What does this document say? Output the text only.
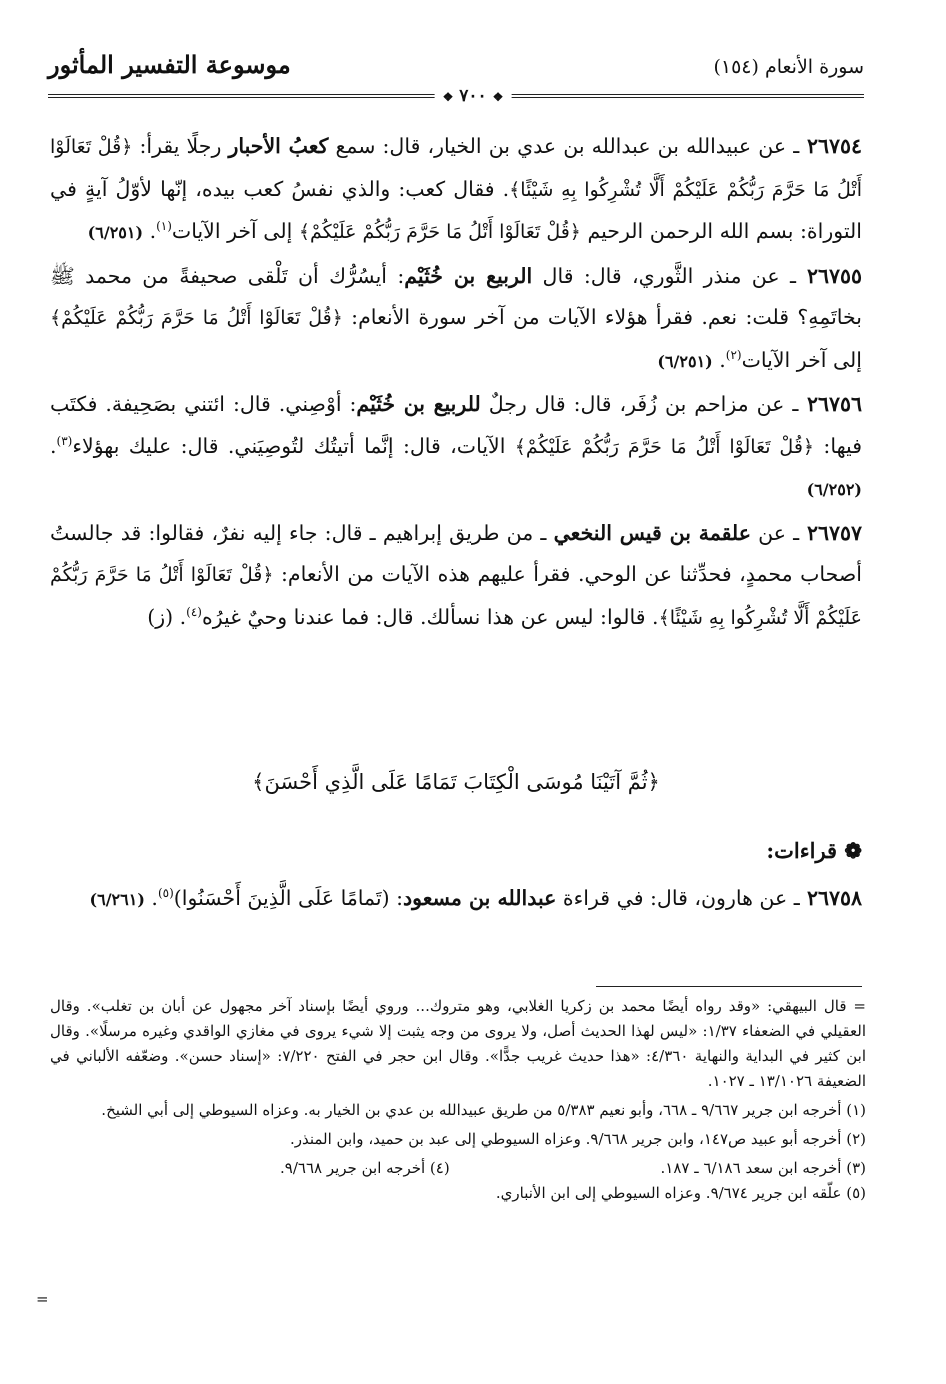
موسوعة التفسير المأثور	سورة الأنعام (١٥٤)
❖ ٧٠٠ ❖

٢٦٧٥٤ ـ عن عبيدالله بن عبدالله بن عدي بن الخيار، قال: سمع كعبُ الأحبار رجلًا يقرأ: ﴿قُلْ تَعَالَوْا أَتْلُ مَا حَرَّمَ رَبُّكُمْ عَلَيْكُمْ أَلَّا تُشْرِكُوا بِهِ شَيْئًا﴾. فقال كعب: والذي نفسُ كعب بيده، إنّها لأوّلُ آيةٍ في التوراة: بسم الله الرحمن الرحيم ﴿قُلْ تَعَالَوْا أَتْلُ مَا حَرَّمَ رَبُّكُمْ عَلَيْكُمْ﴾ إلى آخر الآيات$^{(١)}$. (٦/٢٥١)

٢٦٧٥٥ ـ عن منذر الثَّوري، قال: قال الربيع بن خُثَيْم: أيسُرُّك أن تَلْقى صحيفةً من محمد ﷺ بخاتَمِهِ؟ قلت: نعم. فقرأ هؤلاء الآيات من آخر سورة الأنعام: ﴿قُلْ تَعَالَوْا أَتْلُ مَا حَرَّمَ رَبُّكُمْ عَلَيْكُمْ﴾ إلى آخر الآيات$^{(٢)}$. (٦/٢٥١)

٢٦٧٥٦ ـ عن مزاحم بن زُفَر، قال: قال رجلٌ للربيع بن خُثَيْم: أوْصِني. قال: ائتني بصَحِيفة. فكتَب فيها: ﴿قُلْ تَعَالَوْا أَتْلُ مَا حَرَّمَ رَبُّكُمْ عَلَيْكُمْ﴾ الآيات، قال: إنَّما أتيتُك لتُوصِيَني. قال: عليك بهؤلاء$^{(٣)}$. (٦/٢٥٢)

٢٦٧٥٧ ـ عن علقمة بن قيس النخعي ـ من طريق إبراهيم ـ قال: جاء إليه نفرٌ، فقالوا: قد جالستُ أصحاب محمدٍ، فحدِّثنا عن الوحي. فقرأ عليهم هذه الآيات من الأنعام: ﴿قُلْ تَعَالَوْا أَتْلُ مَا حَرَّمَ رَبُّكُمْ عَلَيْكُمْ أَلَّا تُشْرِكُوا بِهِ شَيْئًا﴾. قالوا: ليس عن هذا نسألك. قال: فما عندنا وحيٌ غيرُه$^{(٤)}$. (ز)

﴿ثُمَّ آتَيْنَا مُوسَى الْكِتَابَ تَمَامًا عَلَى الَّذِي أَحْسَنَ﴾
❁ قراءات:

٢٦٧٥٨ ـ عن هارون، قال: في قراءة عبدالله بن مسعود: (تَمامًا عَلَى الَّذِينَ أَحْسَنُوا)$^{(٥)}$. (٦/٢٦١)

= قال البيهقي: «وقد رواه أيضًا محمد بن زكريا الغلابي، وهو متروك... وروي أيضًا بإسناد آخر مجهول عن أبان بن تغلب». وقال العقيلي في الضعفاء ١/٣٧: «ليس لهذا الحديث أصل، ولا يروى من وجه يثبت إلا شيء يروى في مغازي الواقدي وغيره مرسلًا». وقال ابن كثير في البداية والنهاية ٤/٣٦٠: «هذا حديث غريب جدًّا». وقال ابن حجر في الفتح ٧/٢٢٠: «إسناد حسن». وضعّفه الألباني في الضعيفة ١٣/١٠٢٦ ـ ١٠٢٧.

(١) أخرجه ابن جرير ٩/٦٦٧ ـ ٦٦٨، وأبو نعيم ٥/٣٨٣ من طريق عبيدالله بن عدي بن الخيار به. وعزاه السيوطي إلى أبي الشيخ.

(٢) أخرجه أبو عبيد ص١٤٧، وابن جرير ٩/٦٦٨. وعزاه السيوطي إلى عبد بن حميد، وابن المنذر.

(٣) أخرجه ابن سعد ٦/١٨٦ ـ ١٨٧.
(٤) أخرجه ابن جرير ٩/٦٦٨.

(٥) علّقه ابن جرير ٩/٦٧٤. وعزاه السيوطي إلى ابن الأنباري.

=
